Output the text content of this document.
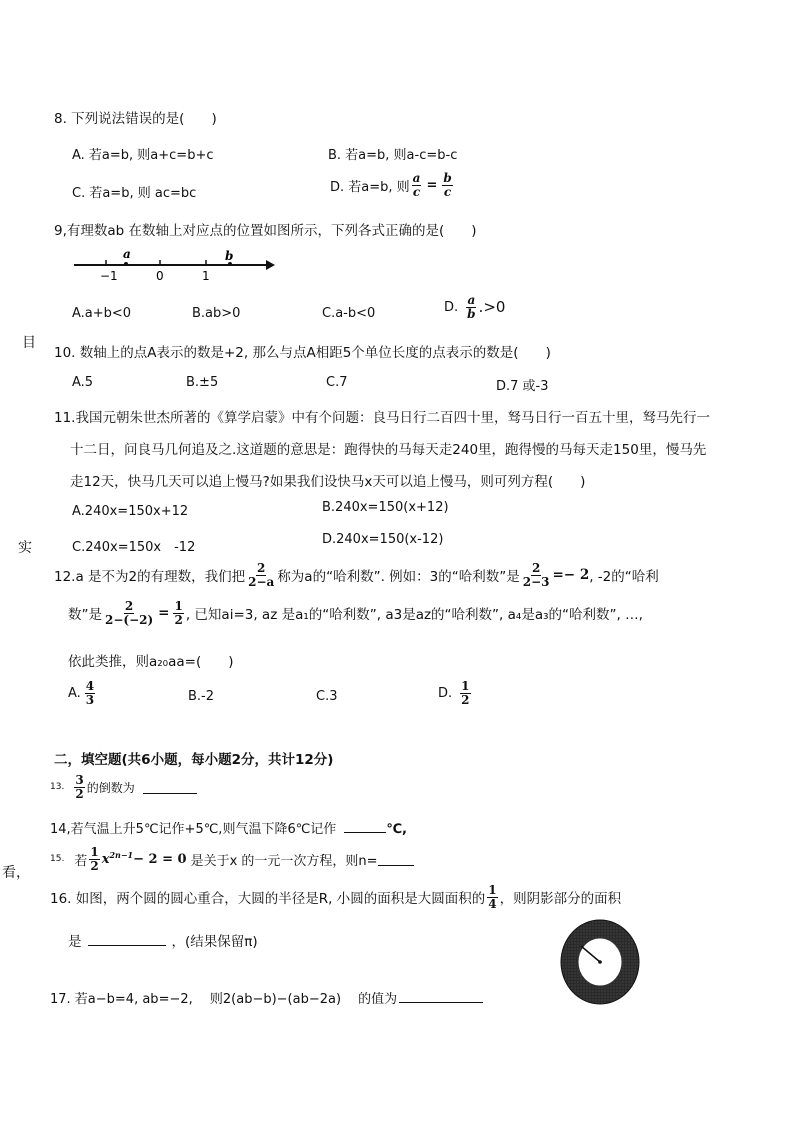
目
实
看，
8. 下列说法错误的是(　　)
A. 若a=b, 则a+c=b+c	B. 若a=b, 则a-c=b-c
C. 若a=b, 则 ac=bc	D. 若a=b, 则 $\frac{a}{c} = \frac{b}{c}$
9,有理数ab 在数轴上对应点的位置如图所示，下列各式正确的是(　　)
−1	0	1
a	b
A.a+b<0	B.ab>0	C.a-b<0	D. $\frac{a}{b} .>0$
10. 数轴上的点A表示的数是+2, 那么与点A相距5个单位长度的点表示的数是(　　)
A.5	B.±5	C.7	D.7 或-3
11.我国元朝朱世杰所著的《算学启蒙》中有个问题：良马日行二百四十里，驽马日行一百五十里，驽马先行一
十二日，问良马几何追及之.这道题的意思是：跑得快的马每天走240里，跑得慢的马每天走150里，慢马先
走12天，快马几天可以追上慢马?如果我们设快马x天可以追上慢马，则可列方程(　　)
A.240x=150x+12	B.240x=150(x+12)
C.240x=150x　-12
D.240x=150(x-12)
12.a 是不为2的有理数，我们把 $\frac{2}{2-a}$ 称为a的“哈利数”. 例如：3的“哈利数”是 $\frac{2}{2-3} =- 2$ , -2的“哈利
数”是 $\frac{2}{2-(-2)} = \frac{1}{2}$ , 已知ai=3, az 是a₁的“哈利数”, a3是az的“哈利数”, a₄是a₃的“哈利数”, …,
依此类推，则a₂₀aa=(　　)
A. $\frac{4}{3}$	B.-2	C.3	D. $\frac{1}{2}$
二，填空题(共6小题，每小题2分，共计12分)
13. $\frac{3}{2}$ 的倒数为
14,若气温上升5℃记作+5℃,则气温下降6℃记作	℃,
15. 若 $\frac{1}{2} x^{2n-1} - 2 = 0$ 是关于x 的一元一次方程，则n=
16. 如图，两个圆的圆心重合，大圆的半径是R, 小圆的面积是大圆面积的 $\frac{1}{4}$ ，则阴影部分的面积
是	，(结果保留π)
17. 若a−b=4, ab=−2,　 则2(ab−b)−(ab−2a)　 的值为
